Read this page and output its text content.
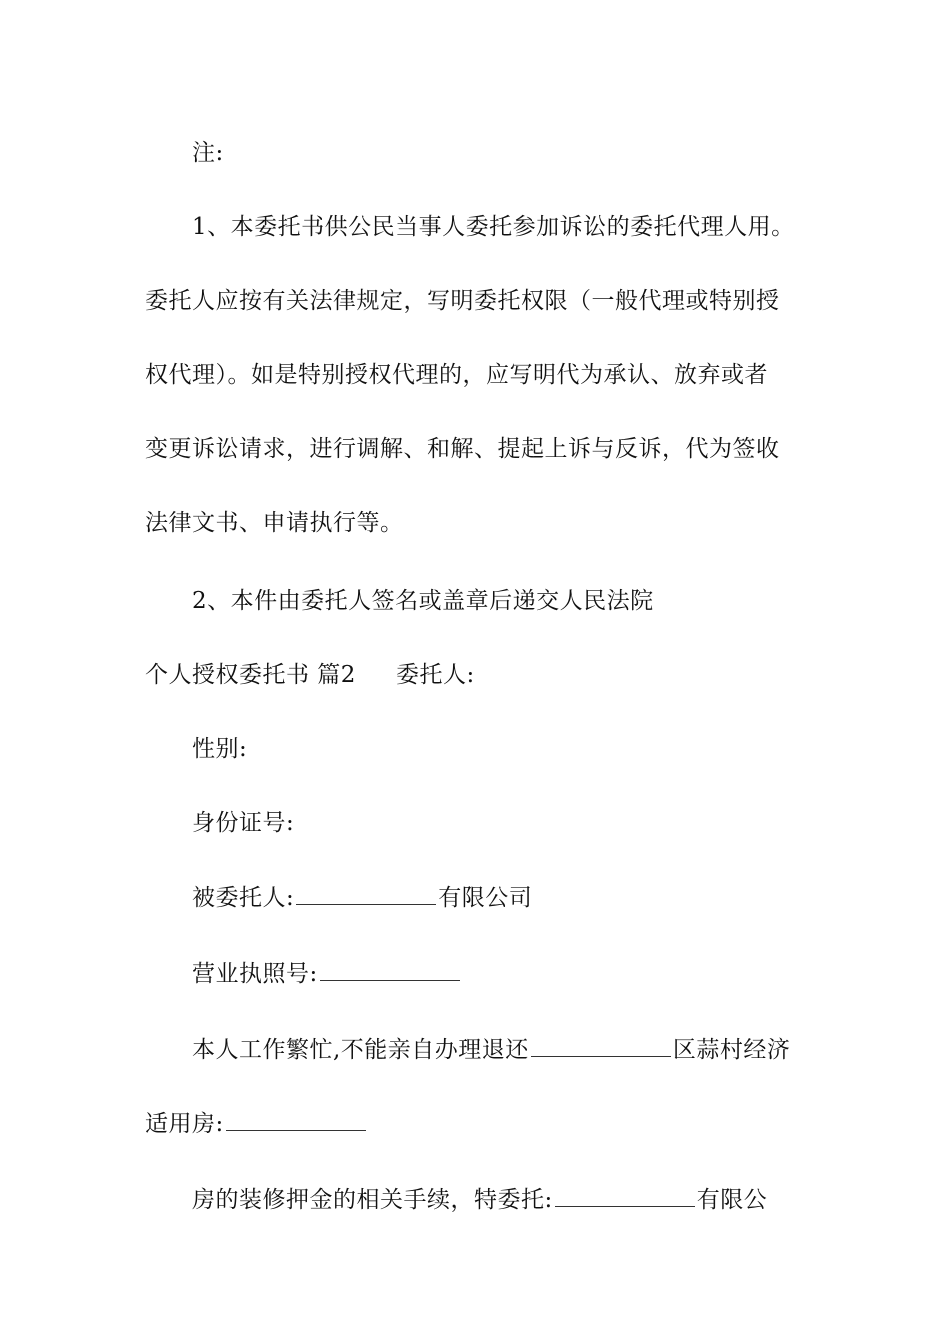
注:
1、本委托书供公民当事人委托参加诉讼的委托代理人用。
委托人应按有关法律规定，写明委托权限（一般代理或特别授
权代理）。如是特别授权代理的，应写明代为承认、放弃或者
变更诉讼请求，进行调解、和解、提起上诉与反诉，代为签收
法律文书、申请执行等。
2、本件由委托人签名或盖章后递交人民法院
个人授权委托书 篇2 委托人:
性别:
身份证号:
被委托人:	有限公司
营业执照号:
本人工作繁忙,不能亲自办理退还	区蒜村经济
适用房:
房的装修押金的相关手续，特委托:	有限公
